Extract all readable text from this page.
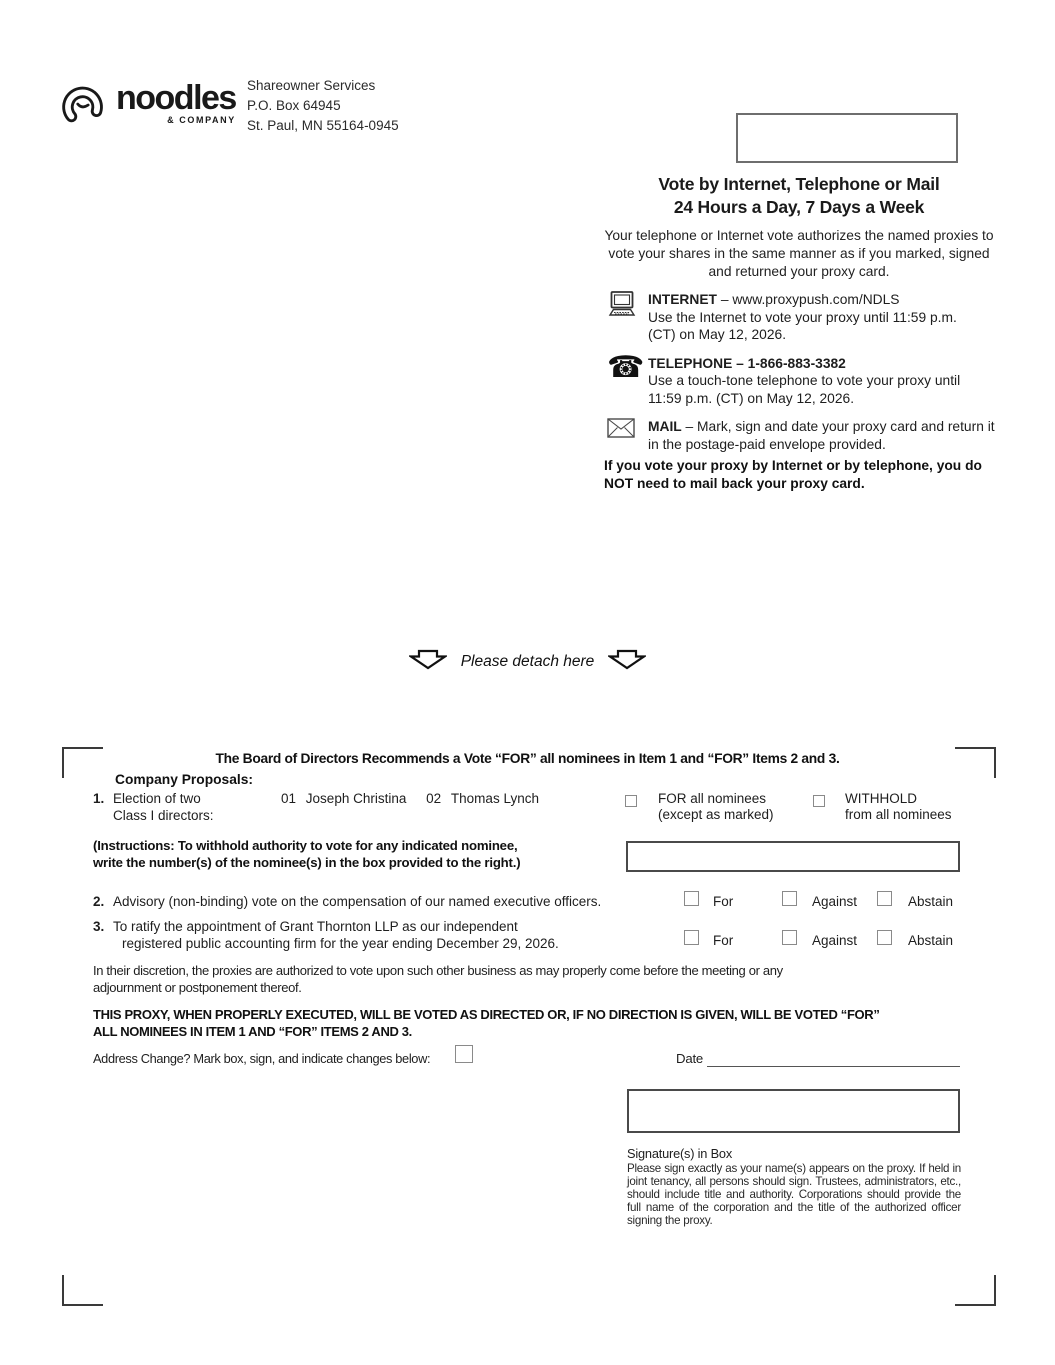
noodles
& COMPANY
Shareowner Services
P.O. Box 64945
St. Paul, MN 55164-0945
Vote by Internet, Telephone or Mail
24 Hours a Day, 7 Days a Week
Your telephone or Internet vote authorizes the named proxies to vote your shares in the same manner as if you marked, signed and returned your proxy card.
INTERNET – www.proxypush.com/NDLS
Use the Internet to vote your proxy until 11:59 p.m. (CT) on May 12, 2026.
☎ TELEPHONE – 1-866-883-3382
Use a touch-tone telephone to vote your proxy until 11:59 p.m. (CT) on May 12, 2026.
MAIL – Mark, sign and date your proxy card and return it in the postage-paid envelope provided.
If you vote your proxy by Internet or by telephone, you do NOT need to mail back your proxy card.
Please detach here
The Board of Directors Recommends a Vote “FOR” all nominees in Item 1 and “FOR” Items 2 and 3.
Company Proposals:
1. Election of two
Class I directors:
01 Joseph Christina 02 Thomas Lynch	FOR all nominees
(except as marked)
WITHHOLD
from all nominees
(Instructions: To withhold authority to vote for any indicated nominee,
write the number(s) of the nominee(s) in the box provided to the right.)
2. Advisory (non-binding) vote on the compensation of our named executive officers.	For	Against	Abstain
3. To ratify the appointment of Grant Thornton LLP as our independent
registered public accounting firm for the year ending December 29, 2026.	For	Against	Abstain
In their discretion, the proxies are authorized to vote upon such other business as may properly come before the meeting or any
adjournment or postponement thereof.
THIS PROXY, WHEN PROPERLY EXECUTED, WILL BE VOTED AS DIRECTED OR, IF NO DIRECTION IS GIVEN, WILL BE VOTED “FOR”
ALL NOMINEES IN ITEM 1 AND “FOR” ITEMS 2 AND 3.
Address Change? Mark box, sign, and indicate changes below:	Date
Signature(s) in Box
Please sign exactly as your name(s) appears on the proxy. If held in joint tenancy, all persons should sign. Trustees, administrators, etc., should include title and authority. Corporations should provide the full name of the corporation and the title of the authorized officer signing the proxy.
